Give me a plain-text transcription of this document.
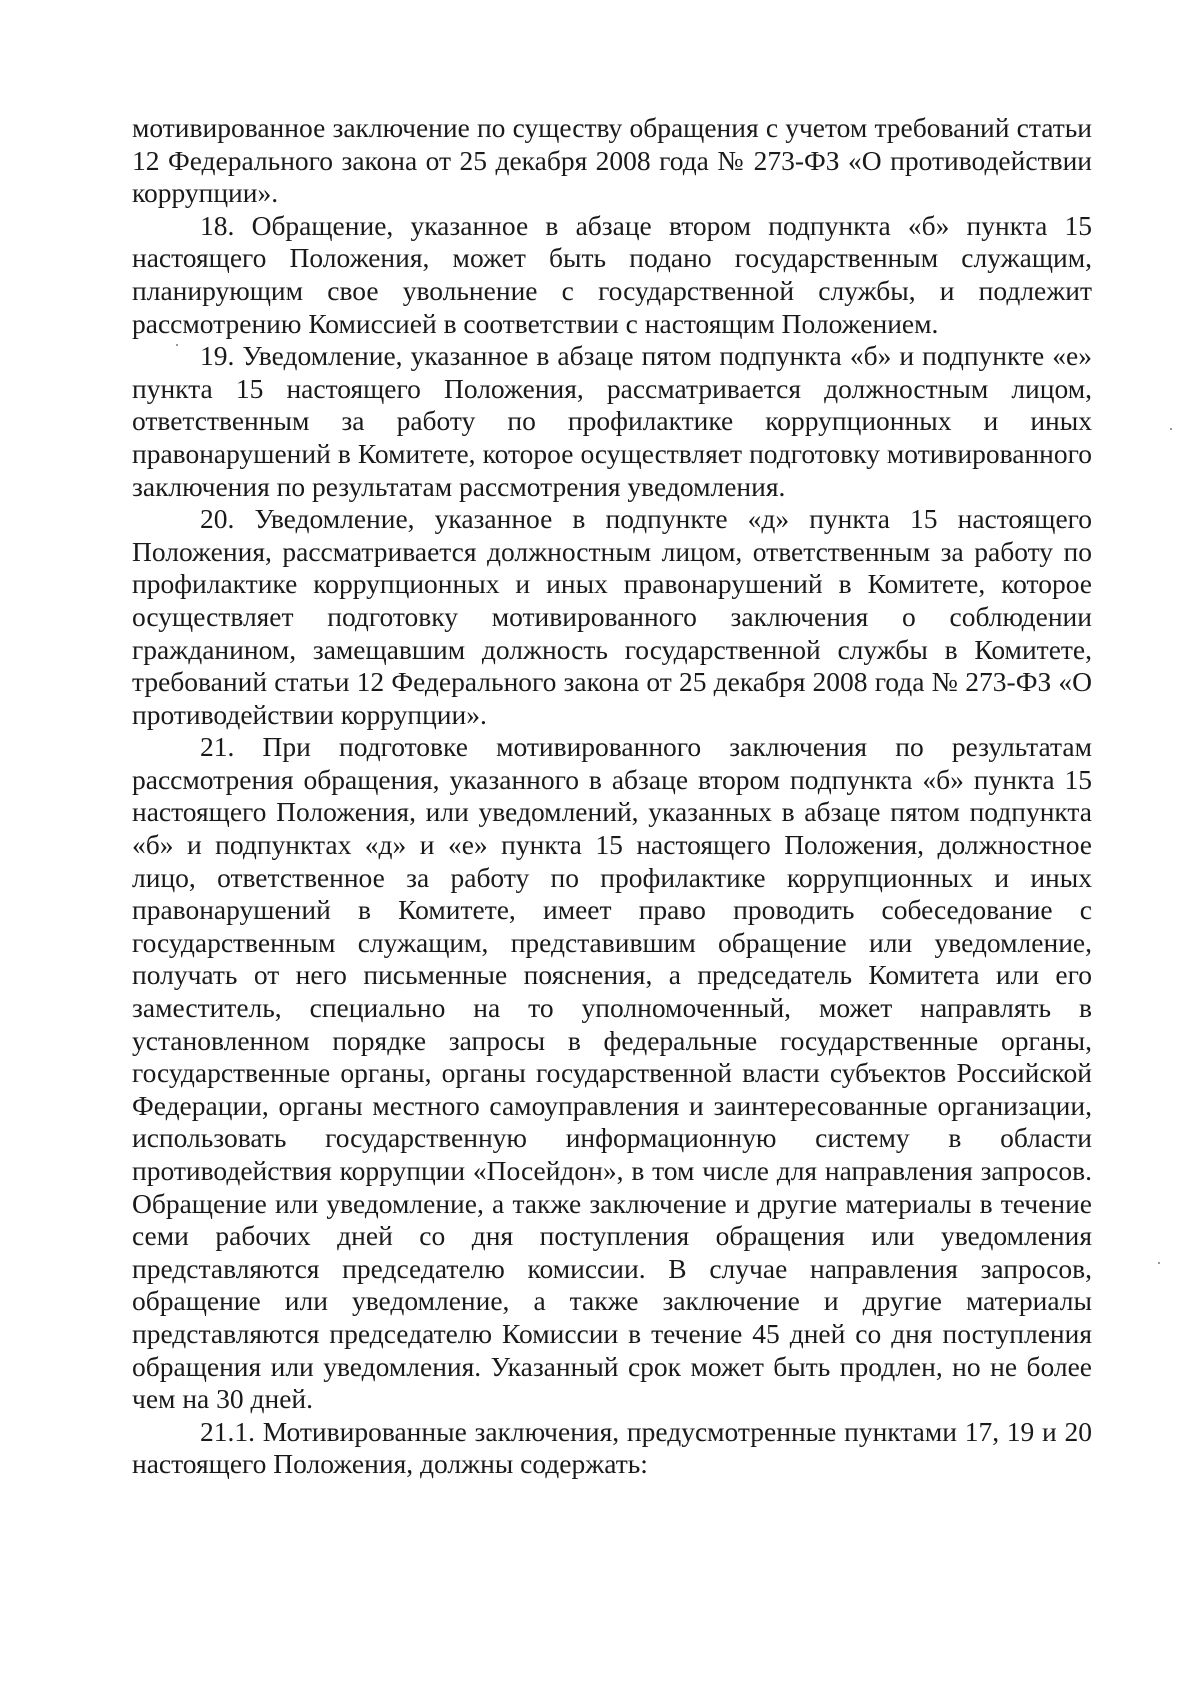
мотивированное заключение по существу обращения с учетом требований статьи 12 Федерального закона от 25 декабря 2008 года № 273-ФЗ «О противодействии коррупции».

18. Обращение, указанное в абзаце втором подпункта «б» пункта 15 настоящего Положения, может быть подано государственным служащим, планирующим свое увольнение с государственной службы, и подлежит рассмотрению Комиссией в соответствии с настоящим Положением.

19. Уведомление, указанное в абзаце пятом подпункта «б» и подпункте «е» пункта 15 настоящего Положения, рассматривается должностным лицом, ответственным за работу по профилактике коррупционных и иных правонарушений в Комитете, которое осуществляет подготовку мотивированного заключения по результатам рассмотрения уведомления.

20. Уведомление, указанное в подпункте «д» пункта 15 настоящего Положения, рассматривается должностным лицом, ответственным за работу по профилактике коррупционных и иных правонарушений в Комитете, которое осуществляет подготовку мотивированного заключения о соблюдении гражданином, замещавшим должность государственной службы в Комитете, требований статьи 12 Федерального закона от 25 декабря 2008 года № 273-ФЗ «О противодействии коррупции».

21. При подготовке мотивированного заключения по результатам рассмотрения обращения, указанного в абзаце втором подпункта «б» пункта 15 настоящего Положения, или уведомлений, указанных в абзаце пятом подпункта «б» и подпунктах «д» и «е» пункта 15 настоящего Положения, должностное лицо, ответственное за работу по профилактике коррупционных и иных правонарушений в Комитете, имеет право проводить собеседование с государственным служащим, представившим обращение или уведомление, получать от него письменные пояснения, а председатель Комитета или его заместитель, специально на то уполномоченный, может направлять в установленном порядке запросы в федеральные государственные органы, государственные органы, органы государственной власти субъектов Российской Федерации, органы местного самоуправления и заинтересованные организации, использовать государственную информационную систему в области противодействия коррупции «Посейдон», в том числе для направления запросов. Обращение или уведомление, а также заключение и другие материалы в течение семи рабочих дней со дня поступления обращения или уведомления представляются председателю комиссии. В случае направления запросов, обращение или уведомление, а также заключение и другие материалы представляются председателю Комиссии в течение 45 дней со дня поступления обращения или уведомления. Указанный срок может быть продлен, но не более чем на 30 дней.

21.1. Мотивированные заключения, предусмотренные пунктами 17, 19 и 20 настоящего Положения, должны содержать:
